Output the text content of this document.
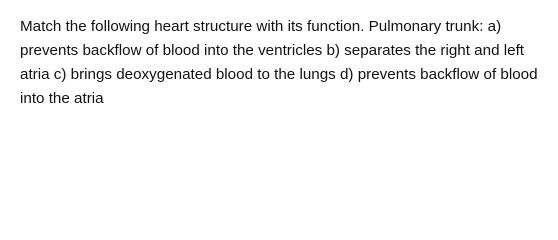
Match the following heart structure with its function. Pulmonary trunk: a) prevents backflow of blood into the ventricles b) separates the right and left atria c) brings deoxygenated blood to the lungs d) prevents backflow of blood into the atria
